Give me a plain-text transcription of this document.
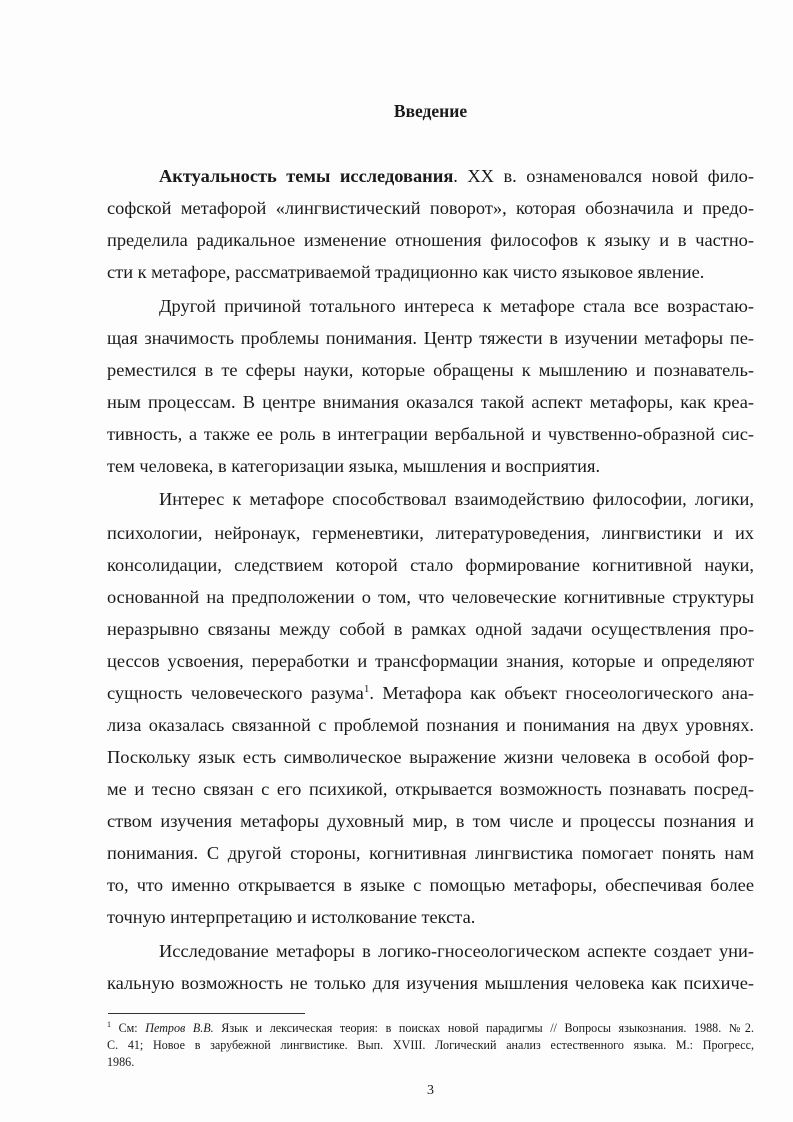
Введение
Актуальность темы исследования. XX в. ознаменовался новой фило-
софской метафорой «лингвистический поворот», которая обозначила и предо-
пределила радикальное изменение отношения философов к языку и в частно-
сти к метафоре, рассматриваемой традиционно как чисто языковое явление.
Другой причиной тотального интереса к метафоре стала все возрастаю-
щая значимость проблемы понимания. Центр тяжести в изучении метафоры пе-
реместился в те сферы науки, которые обращены к мышлению и познаватель-
ным процессам. В центре внимания оказался такой аспект метафоры, как креа-
тивность, а также ее роль в интеграции вербальной и чувственно-образной сис-
тем человека, в категоризации языка, мышления и восприятия.
Интерес к метафоре способствовал взаимодействию философии, логики,
психологии, нейронаук, герменевтики, литературоведения, лингвистики и их
консолидации, следствием которой стало формирование когнитивной науки,
основанной на предположении о том, что человеческие когнитивные структуры
неразрывно связаны между собой в рамках одной задачи осуществления про-
цессов усвоения, переработки и трансформации знания, которые и определяют
сущность человеческого разума$^1$. Метафора как объект гносеологического ана-
лиза оказалась связанной с проблемой познания и понимания на двух уровнях.
Поскольку язык есть символическое выражение жизни человека в особой фор-
ме и тесно связан с его психикой, открывается возможность познавать посред-
ством изучения метафоры духовный мир, в том числе и процессы познания и
понимания. С другой стороны, когнитивная лингвистика помогает понять нам
то, что именно открывается в языке с помощью метафоры, обеспечивая более
точную интерпретацию и истолкование текста.
Исследование метафоры в логико-гносеологическом аспекте создает уни-
кальную возможность не только для изучения мышления человека как психиче-
$^1$ См: Петров В.В. Язык и лексическая теория: в поисках новой парадигмы // Вопросы языкознания. 1988. №2.
С. 41; Новое в зарубежной лингвистике. Вып. XVIII. Логический анализ естественного языка. М.: Прогресс,
1986.
3
